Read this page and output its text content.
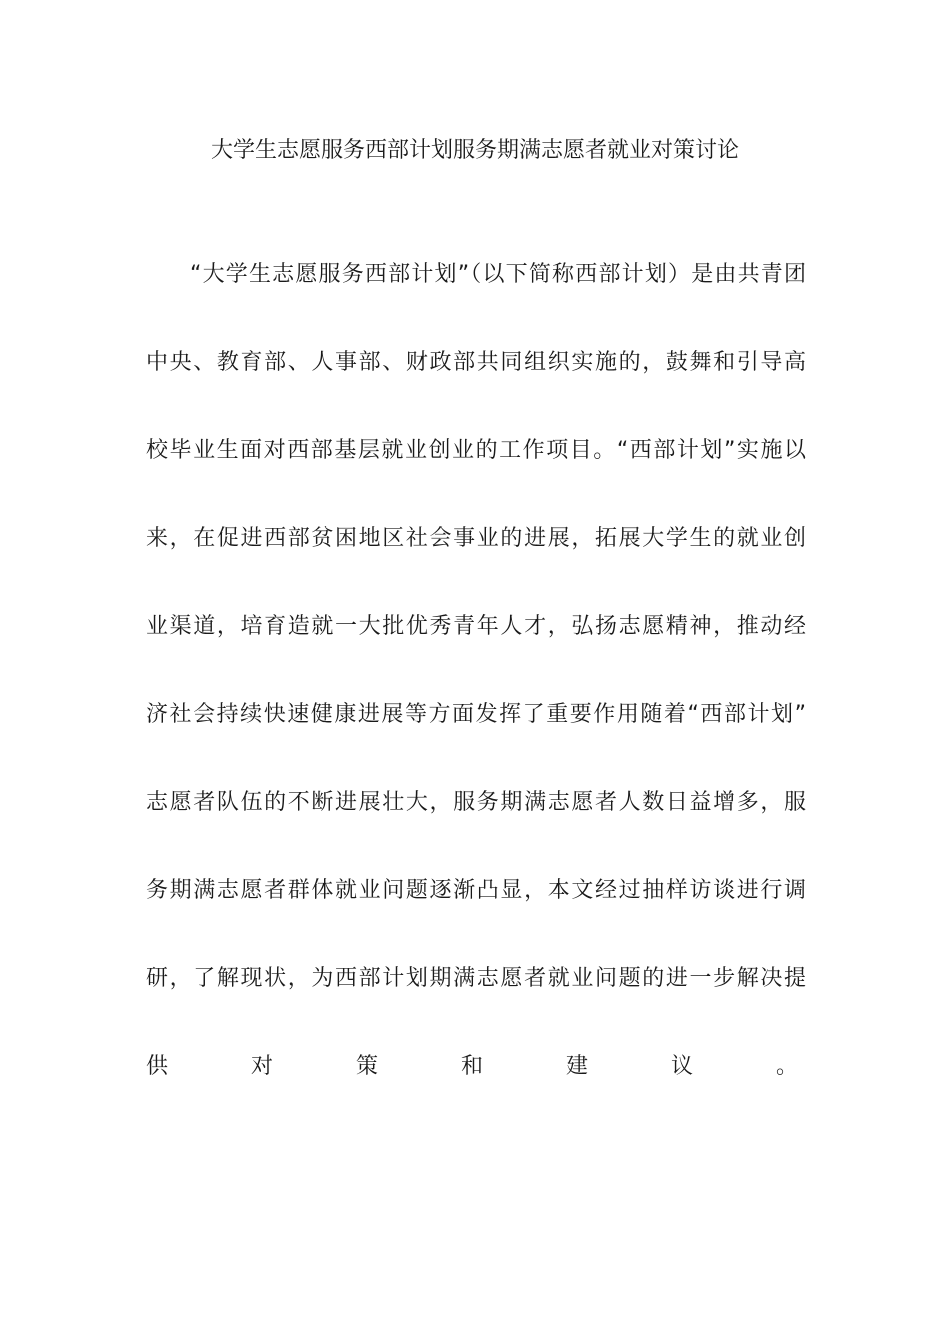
大学生志愿服务西部计划服务期满志愿者就业对策讨论
“大学生志愿服务西部计划”（以下简称西部计划）是由共青团
中央、教育部、人事部、财政部共同组织实施的，鼓舞和引导高
校毕业生面对西部基层就业创业的工作项目。“西部计划”实施以
来，在促进西部贫困地区社会事业的进展，拓展大学生的就业创
业渠道，培育造就一大批优秀青年人才，弘扬志愿精神，推动经
济社会持续快速健康进展等方面发挥了重要作用随着“西部计划”
志愿者队伍的不断进展壮大，服务期满志愿者人数日益增多，服
务期满志愿者群体就业问题逐渐凸显，本文经过抽样访谈进行调
研，了解现状，为西部计划期满志愿者就业问题的进一步解决提
供对策和建议。
